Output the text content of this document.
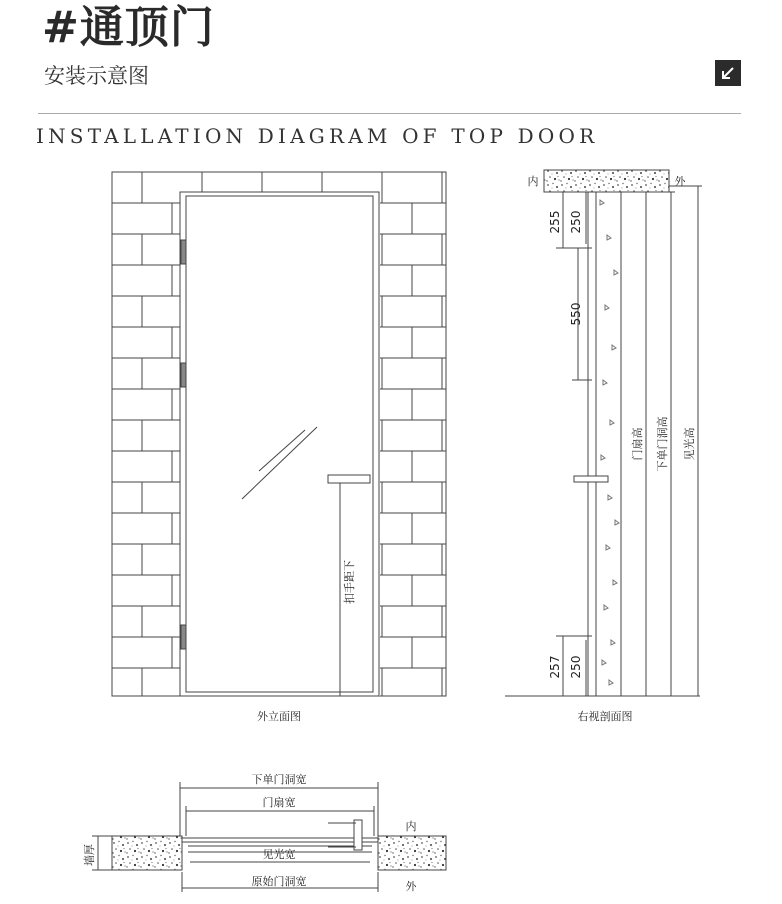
#通顶门
安装示意图
INSTALLATION DIAGRAM OF TOP DOOR
扣手距下
外立面图
内	外
255 250
550
257 250
门扇高 下单门洞高 见光高
右视剖面图
下单门洞宽
门扇宽
见光宽
原始门洞宽
墙厚
内
外
